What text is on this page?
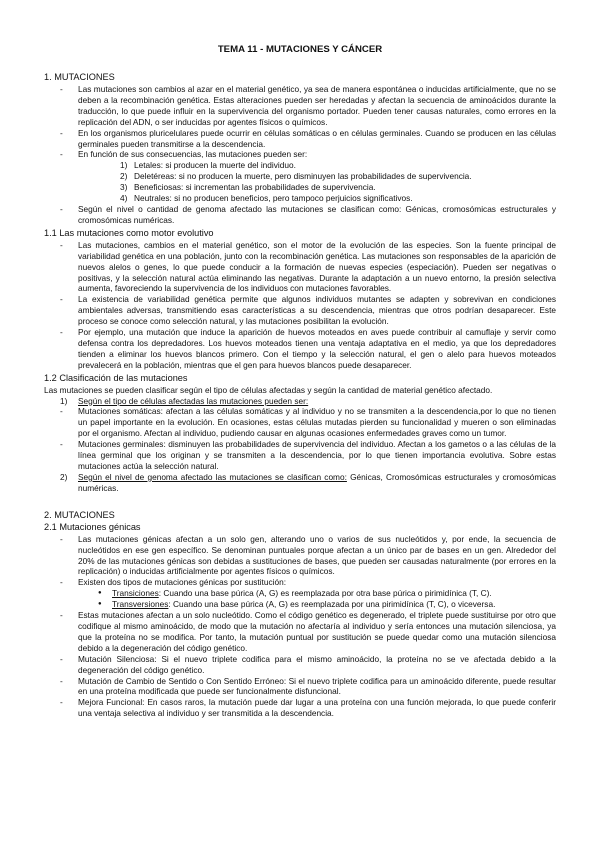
TEMA 11 - MUTACIONES Y CÁNCER

1. MUTACIONES
- Las mutaciones son cambios al azar en el material genético, ya sea de manera espontánea o inducidas artificialmente, que no se deben a la recombinación genética. Estas alteraciones pueden ser heredadas y afectan la secuencia de aminoácidos durante la traducción, lo que puede influir en la supervivencia del organismo portador. Pueden tener causas naturales, como errores en la replicación del ADN, o ser inducidas por agentes físicos o químicos.
- En los organismos pluricelulares puede ocurrir en células somáticas o en células germinales. Cuando se producen en las células germinales pueden transmitirse a la descendencia.
- En función de sus consecuencias, las mutaciones pueden ser:
1) Letales: si producen la muerte del individuo.
2) Deletéreas: si no producen la muerte, pero disminuyen las probabilidades de supervivencia.
3) Beneficiosas: si incrementan las probabilidades de supervivencia.
4) Neutrales: si no producen beneficios, pero tampoco perjuicios significativos.
- Según el nivel o cantidad de genoma afectado las mutaciones se clasifican como: Génicas, cromosómicas estructurales y cromosómicas numéricas.
1.1 Las mutaciones como motor evolutivo
- Las mutaciones, cambios en el material genético, son el motor de la evolución de las especies. Son la fuente principal de variabilidad genética en una población, junto con la recombinación genética. Las mutaciones son responsables de la aparición de nuevos alelos o genes, lo que puede conducir a la formación de nuevas especies (especiación). Pueden ser negativas o positivas, y la selección natural actúa eliminando las negativas. Durante la adaptación a un nuevo entorno, la presión selectiva aumenta, favoreciendo la supervivencia de los individuos con mutaciones favorables.
- La existencia de variabilidad genética permite que algunos individuos mutantes se adapten y sobrevivan en condiciones ambientales adversas, transmitiendo esas características a su descendencia, mientras que otros podrían desaparecer. Este proceso se conoce como selección natural, y las mutaciones posibilitan la evolución.
- Por ejemplo, una mutación que induce la aparición de huevos moteados en aves puede contribuir al camuflaje y servir como defensa contra los depredadores. Los huevos moteados tienen una ventaja adaptativa en el medio, ya que los depredadores tienden a eliminar los huevos blancos primero. Con el tiempo y la selección natural, el gen o alelo para huevos moteados prevalecerá en la población, mientras que el gen para huevos blancos puede desaparecer.
1.2 Clasificación de las mutaciones
Las mutaciones se pueden clasificar según el tipo de células afectadas y según la cantidad de material genético afectado.
1) Según el tipo de células afectadas las mutaciones pueden ser:
- Mutaciones somáticas: afectan a las células somáticas y al individuo y no se transmiten a la descendencia,por lo que no tienen un papel importante en la evolución. En ocasiones, estas células mutadas pierden su funcionalidad y mueren o son eliminadas por el organismo. Afectan al individuo, pudiendo causar en algunas ocasiones enfermedades graves como un tumor.
- Mutaciones germinales: disminuyen las probabilidades de supervivencia del individuo. Afectan a los gametos o a las células de la línea germinal que los originan y se transmiten a la descendencia, por lo que tienen importancia evolutiva. Sobre estas mutaciones actúa la selección natural.
2) Según el nivel de genoma afectado las mutaciones se clasifican como: Génicas, Cromosómicas estructurales y cromosómicas numéricas.
2. MUTACIONES
2.1 Mutaciones génicas
- Las mutaciones génicas afectan a un solo gen, alterando uno o varios de sus nucleótidos y, por ende, la secuencia de nucleótidos en ese gen específico. Se denominan puntuales porque afectan a un único par de bases en un gen. Alrededor del 20% de las mutaciones génicas son debidas a sustituciones de bases, que pueden ser causadas naturalmente (por errores en la replicación) o inducidas artificialmente por agentes físicos o químicos.
- Existen dos tipos de mutaciones génicas por sustitución:
● Transiciones: Cuando una base púrica (A, G) es reemplazada por otra base púrica o pirimidínica (T, C).
● Transversiones: Cuando una base púrica (A, G) es reemplazada por una pirimidínica (T, C), o viceversa.
- Estas mutaciones afectan a un solo nucleótido. Como el código genético es degenerado, el triplete puede sustituirse por otro que codifique al mismo aminoácido, de modo que la mutación no afectaría al individuo y sería entonces una mutación silenciosa, ya que la proteína no se modifica. Por tanto, la mutación puntual por sustitución se puede quedar como una mutación silenciosa debido a la degeneración del código genético.
- Mutación Silenciosa: Si el nuevo triplete codifica para el mismo aminoácido, la proteína no se ve afectada debido a la degeneración del código genético.
- Mutación de Cambio de Sentido o Con Sentido Erróneo: Si el nuevo triplete codifica para un aminoácido diferente, puede resultar en una proteína modificada que puede ser funcionalmente disfuncional.
- Mejora Funcional: En casos raros, la mutación puede dar lugar a una proteína con una función mejorada, lo que puede conferir una ventaja selectiva al individuo y ser transmitida a la descendencia.
